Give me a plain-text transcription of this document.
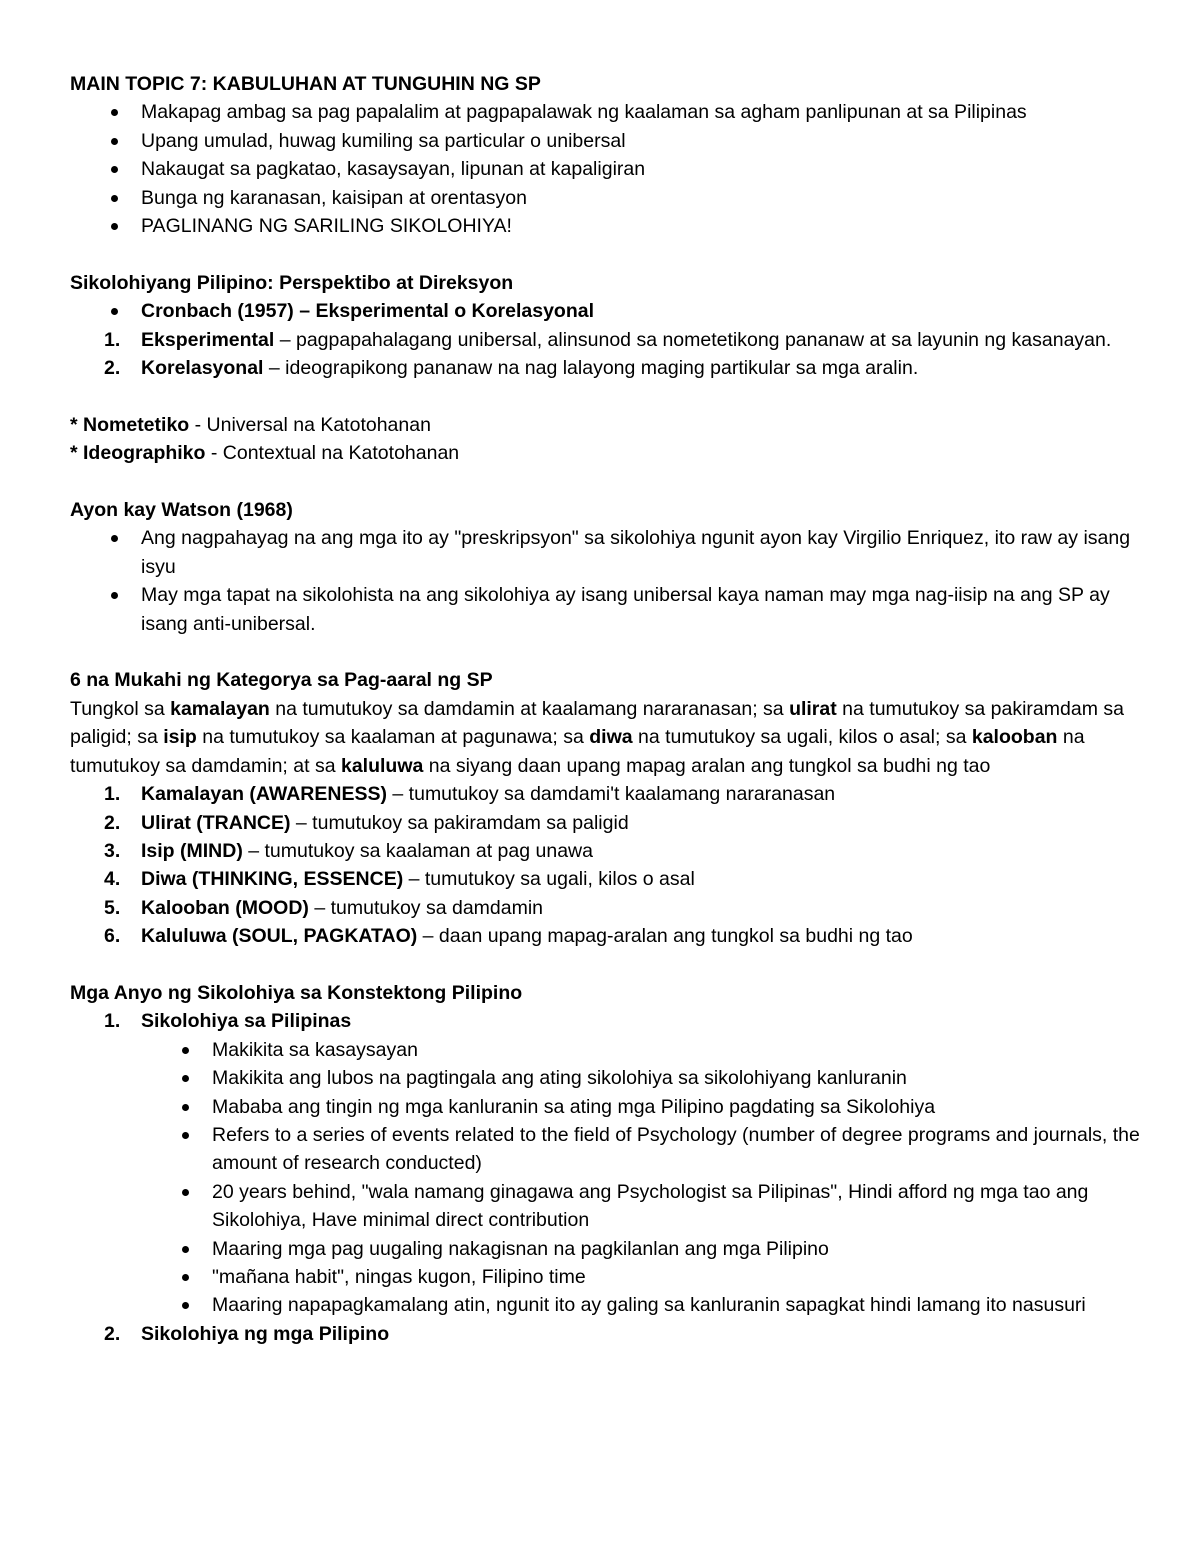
MAIN TOPIC 7: KABULUHAN AT TUNGUHIN NG SP

Makapag ambag sa pag papalalim at pagpapalawak ng kaalaman sa agham panlipunan at sa Pilipinas
Upang umulad, huwag kumiling sa particular o unibersal
Nakaugat sa pagkatao, kasaysayan, lipunan at kapaligiran
Bunga ng karanasan, kaisipan at orentasyon
PAGLINANG NG SARILING SIKOLOHIYA!

Sikolohiyang Pilipino: Perspektibo at Direksyon

Cronbach (1957) – Eksperimental o Korelasyonal
1. Eksperimental – pagpapahalagang unibersal, alinsunod sa nometetikong pananaw at sa layunin ng kasanayan.
2. Korelasyonal – ideograpikong pananaw na nag lalayong maging partikular sa mga aralin.

* Nometetiko - Universal na Katotohanan

* Ideographiko - Contextual na Katotohanan

Ayon kay Watson (1968)

Ang nagpahayag na ang mga ito ay "preskripsyon" sa sikolohiya ngunit ayon kay Virgilio Enriquez, ito raw ay isang isyu
May mga tapat na sikolohista na ang sikolohiya ay isang unibersal kaya naman may mga nag-iisip na ang SP ay isang anti-unibersal.

6 na Mukahi ng Kategorya sa Pag-aaral ng SP

Tungkol sa kamalayan na tumutukoy sa damdamin at kaalamang nararanasan; sa ulirat na tumutukoy sa pakiramdam sa paligid; sa isip na tumutukoy sa kaalaman at pagunawa; sa diwa na tumutukoy sa ugali, kilos o asal; sa kalooban na tumutukoy sa damdamin; at sa kaluluwa na siyang daan upang mapag aralan ang tungkol sa budhi ng tao

1. Kamalayan (AWARENESS) – tumutukoy sa damdami't kaalamang nararanasan
2. Ulirat (TRANCE) – tumutukoy sa pakiramdam sa paligid
3. Isip (MIND) – tumutukoy sa kaalaman at pag unawa
4. Diwa (THINKING, ESSENCE) – tumutukoy sa ugali, kilos o asal
5. Kalooban (MOOD) – tumutukoy sa damdamin
6. Kaluluwa (SOUL, PAGKATAO) – daan upang mapag-aralan ang tungkol sa budhi ng tao

Mga Anyo ng Sikolohiya sa Konstektong Pilipino

1. Sikolohiya sa Pilipinas
Makikita sa kasaysayan
Makikita ang lubos na pagtingala ang ating sikolohiya sa sikolohiyang kanluranin
Mababa ang tingin ng mga kanluranin sa ating mga Pilipino pagdating sa Sikolohiya
Refers to a series of events related to the field of Psychology (number of degree programs and journals, the amount of research conducted)
20 years behind, "wala namang ginagawa ang Psychologist sa Pilipinas", Hindi afford ng mga tao ang Sikolohiya, Have minimal direct contribution
Maaring mga pag uugaling nakagisnan na pagkilanlan ang mga Pilipino
"mañana habit", ningas kugon, Filipino time
Maaring napapagkamalang atin, ngunit ito ay galing sa kanluranin sapagkat hindi lamang ito nasusuri
2. Sikolohiya ng mga Pilipino
